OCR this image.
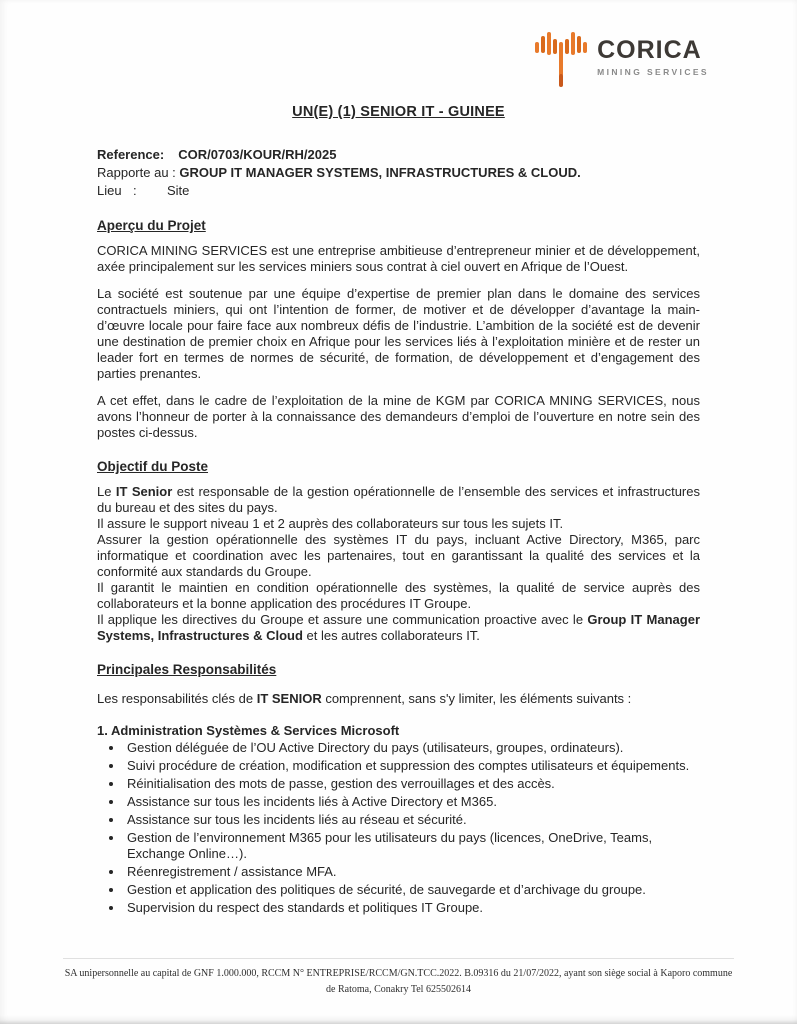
CORICA
MINING SERVICES
UN(E) (1) SENIOR IT - GUINEE
Reference: COR/0703/KOUR/RH/2025
Rapporte au : GROUP IT MANAGER SYSTEMS, INFRASTRUCTURES & CLOUD.
Lieu : Site
Aperçu du Projet

CORICA MINING SERVICES est une entreprise ambitieuse d’entrepreneur minier et de développement, axée principalement sur les services miniers sous contrat à ciel ouvert en Afrique de l’Ouest.

La société est soutenue par une équipe d’expertise de premier plan dans le domaine des services contractuels miniers, qui ont l’intention de former, de motiver et de développer d’avantage la main-d’œuvre locale pour faire face aux nombreux défis de l’industrie. L’ambition de la société est de devenir une destination de premier choix en Afrique pour les services liés à l’exploitation minière et de rester un leader fort en termes de normes de sécurité, de formation, de développement et d’engagement des parties prenantes.

A cet effet, dans le cadre de l’exploitation de la mine de KGM par CORICA MNING SERVICES, nous avons l’honneur de porter à la connaissance des demandeurs d’emploi de l’ouverture en notre sein des postes ci-dessus.

Objectif du Poste

Le IT Senior est responsable de la gestion opérationnelle de l’ensemble des services et infrastructures du bureau et des sites du pays.

Il assure le support niveau 1 et 2 auprès des collaborateurs sur tous les sujets IT.

Assurer la gestion opérationnelle des systèmes IT du pays, incluant Active Directory, M365, parc informatique et coordination avec les partenaires, tout en garantissant la qualité des services et la conformité aux standards du Groupe.

Il garantit le maintien en condition opérationnelle des systèmes, la qualité de service auprès des collaborateurs et la bonne application des procédures IT Groupe.

Il applique les directives du Groupe et assure une communication proactive avec le Group IT Manager Systems, Infrastructures & Cloud et les autres collaborateurs IT.

Principales Responsabilités

Les responsabilités clés de IT SENIOR comprennent, sans s'y limiter, les éléments suivants :

1. Administration Systèmes & Services Microsoft
• Gestion déléguée de l’OU Active Directory du pays (utilisateurs, groupes, ordinateurs).
• Suivi procédure de création, modification et suppression des comptes utilisateurs et équipements.
• Réinitialisation des mots de passe, gestion des verrouillages et des accès.
• Assistance sur tous les incidents liés à Active Directory et M365.
• Assistance sur tous les incidents liés au réseau et sécurité.
• Gestion de l’environnement M365 pour les utilisateurs du pays (licences, OneDrive, Teams, Exchange Online…).
• Réenregistrement / assistance MFA.
• Gestion et application des politiques de sécurité, de sauvegarde et d’archivage du groupe.
• Supervision du respect des standards et politiques IT Groupe.
SA unipersonnelle au capital de GNF 1.000.000, RCCM N° ENTREPRISE/RCCM/GN.TCC.2022. B.09316 du 21/07/2022, ayant son siège social à Kaporo commune de Ratoma, Conakry Tel 625502614
